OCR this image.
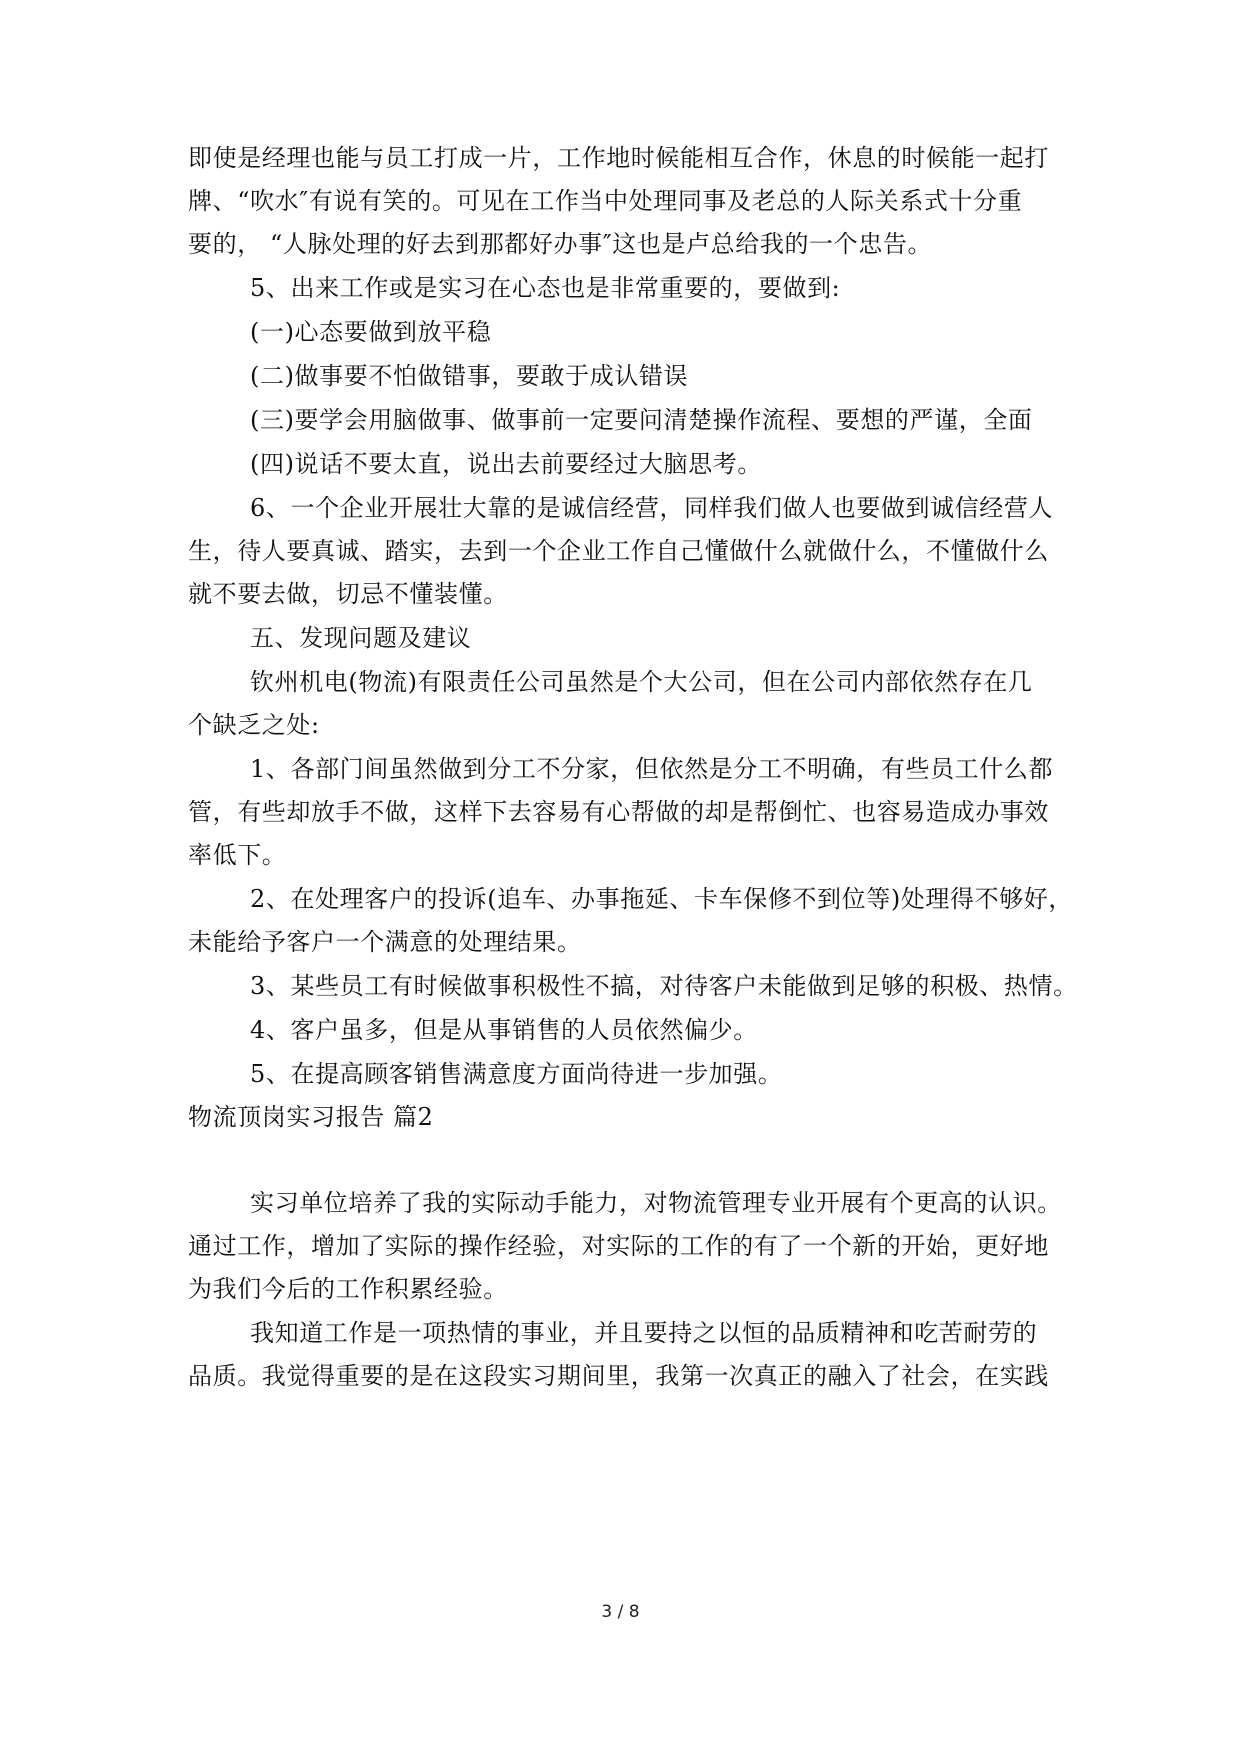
即使是经理也能与员工打成一片，工作地时候能相互合作，休息的时候能一起打
牌、“吹水″有说有笑的。可见在工作当中处理同事及老总的人际关系式十分重
要的， “人脉处理的好去到那都好办事″这也是卢总给我的一个忠告。
5、出来工作或是实习在心态也是非常重要的，要做到:
(一)心态要做到放平稳
(二)做事要不怕做错事，要敢于成认错误
(三)要学会用脑做事、做事前一定要问清楚操作流程、要想的严谨，全面
(四)说话不要太直，说出去前要经过大脑思考。
6、一个企业开展壮大靠的是诚信经营，同样我们做人也要做到诚信经营人
生，待人要真诚、踏实，去到一个企业工作自己懂做什么就做什么，不懂做什么
就不要去做，切忌不懂装懂。
五、发现问题及建议
钦州机电(物流)有限责任公司虽然是个大公司，但在公司内部依然存在几
个缺乏之处:
1、各部门间虽然做到分工不分家，但依然是分工不明确，有些员工什么都
管，有些却放手不做，这样下去容易有心帮做的却是帮倒忙、也容易造成办事效
率低下。
2、在处理客户的投诉(追车、办事拖延、卡车保修不到位等)处理得不够好，
未能给予客户一个满意的处理结果。
3、某些员工有时候做事积极性不搞，对待客户未能做到足够的积极、热情。
4、客户虽多，但是从事销售的人员依然偏少。
5、在提高顾客销售满意度方面尚待进一步加强。
物流顶岗实习报告 篇2
实习单位培养了我的实际动手能力，对物流管理专业开展有个更高的认识。
通过工作，增加了实际的操作经验，对实际的工作的有了一个新的开始，更好地
为我们今后的工作积累经验。
我知道工作是一项热情的事业，并且要持之以恒的品质精神和吃苦耐劳的
品质。我觉得重要的是在这段实习期间里，我第一次真正的融入了社会，在实践
3 / 8
